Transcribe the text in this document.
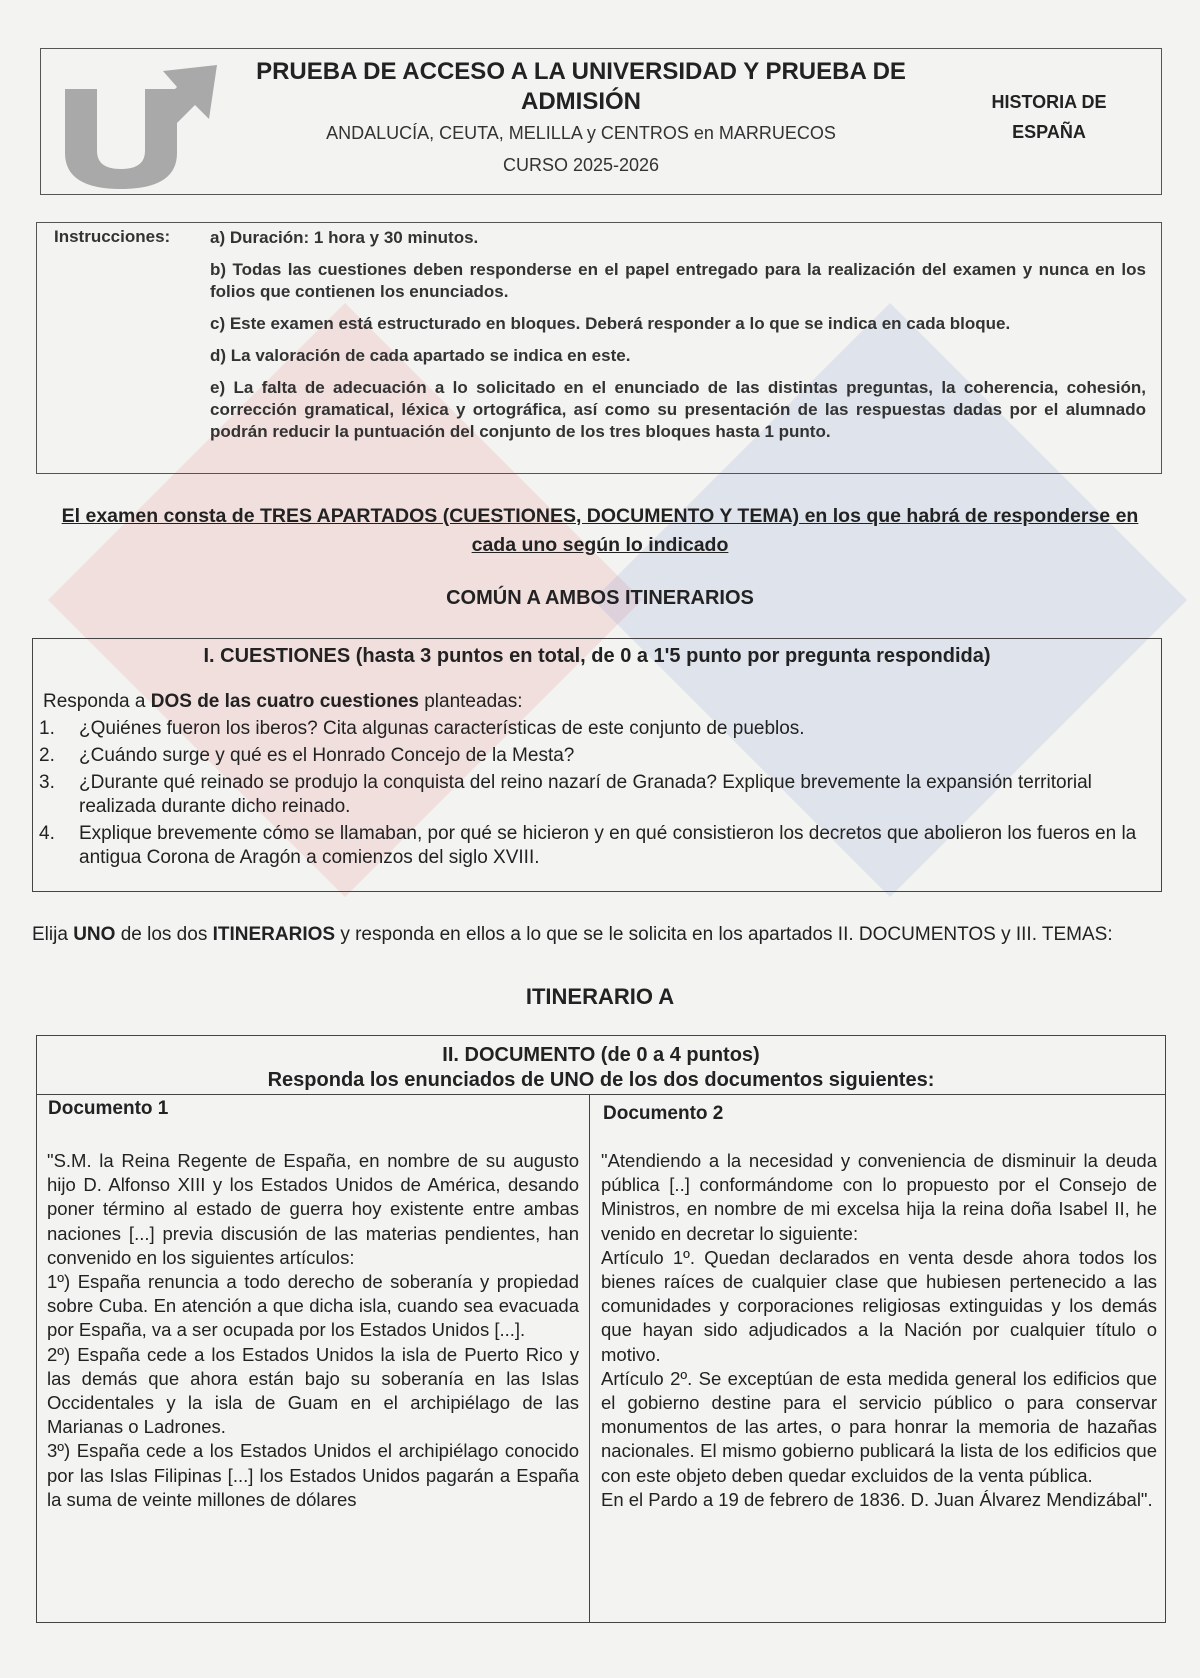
PRUEBA DE ACCESO A LA UNIVERSIDAD Y PRUEBA DE ADMISIÓN
ANDALUCÍA, CEUTA, MELILLA y CENTROS en MARRUECOS
CURSO 2025-2026
HISTORIA DE
ESPAÑA
Instrucciones: a) Duración: 1 hora y 30 minutos.
b) Todas las cuestiones deben responderse en el papel entregado para la realización del examen y nunca en los folios que contienen los enunciados.
c) Este examen está estructurado en bloques. Deberá responder a lo que se indica en cada bloque.
d) La valoración de cada apartado se indica en este.
e) La falta de adecuación a lo solicitado en el enunciado de las distintas preguntas, la coherencia, cohesión, corrección gramatical, léxica y ortográfica, así como su presentación de las respuestas dadas por el alumnado podrán reducir la puntuación del conjunto de los tres bloques hasta 1 punto.
El examen consta de TRES APARTADOS (CUESTIONES, DOCUMENTO Y TEMA) en los que habrá de responderse en cada uno según lo indicado
COMÚN A AMBOS ITINERARIOS
I. CUESTIONES (hasta 3 puntos en total, de 0 a 1'5 punto por pregunta respondida)
Responda a DOS de las cuatro cuestiones planteadas:
1.	¿Quiénes fueron los iberos? Cita algunas características de este conjunto de pueblos.
2.	¿Cuándo surge y qué es el Honrado Concejo de la Mesta?
3.	¿Durante qué reinado se produjo la conquista del reino nazarí de Granada? Explique brevemente la expansión territorial realizada durante dicho reinado.
4.	Explique brevemente cómo se llamaban, por qué se hicieron y en qué consistieron los decretos que abolieron los fueros en la antigua Corona de Aragón a comienzos del siglo XVIII.
Elija UNO de los dos ITINERARIOS y responda en ellos a lo que se le solicita en los apartados II. DOCUMENTOS y III. TEMAS:
ITINERARIO A
II. DOCUMENTO (de 0 a 4 puntos)
Responda los enunciados de UNO de los dos documentos siguientes:
Documento 1	Documento 2

"S.M. la Reina Regente de España, en nombre de su augusto hijo D. Alfonso XIII y los Estados Unidos de América, desando poner término al estado de guerra hoy existente entre ambas naciones [...] previa discusión de las materias pendientes, han convenido en los siguientes artículos:

1º) España renuncia a todo derecho de soberanía y propiedad sobre Cuba. En atención a que dicha isla, cuando sea evacuada por España, va a ser ocupada por los Estados Unidos [...].

2º) España cede a los Estados Unidos la isla de Puerto Rico y las demás que ahora están bajo su soberanía en las Islas Occidentales y la isla de Guam en el archipiélago de las Marianas o Ladrones.

3º) España cede a los Estados Unidos el archipiélago conocido por las Islas Filipinas [...] los Estados Unidos pagarán a España la suma de veinte millones de dólares

"Atendiendo a la necesidad y conveniencia de disminuir la deuda pública [..] conformándome con lo propuesto por el Consejo de Ministros, en nombre de mi excelsa hija la reina doña Isabel II, he venido en decretar lo siguiente:

Artículo 1º. Quedan declarados en venta desde ahora todos los bienes raíces de cualquier clase que hubiesen pertenecido a las comunidades y corporaciones religiosas extinguidas y los demás que hayan sido adjudicados a la Nación por cualquier título o motivo.

Artículo 2º. Se exceptúan de esta medida general los edificios que el gobierno destine para el servicio público o para conservar monumentos de las artes, o para honrar la memoria de hazañas nacionales. El mismo gobierno publicará la lista de los edificios que con este objeto deben quedar excluidos de la venta pública.

En el Pardo a 19 de febrero de 1836. D. Juan Álvarez Mendizábal".
